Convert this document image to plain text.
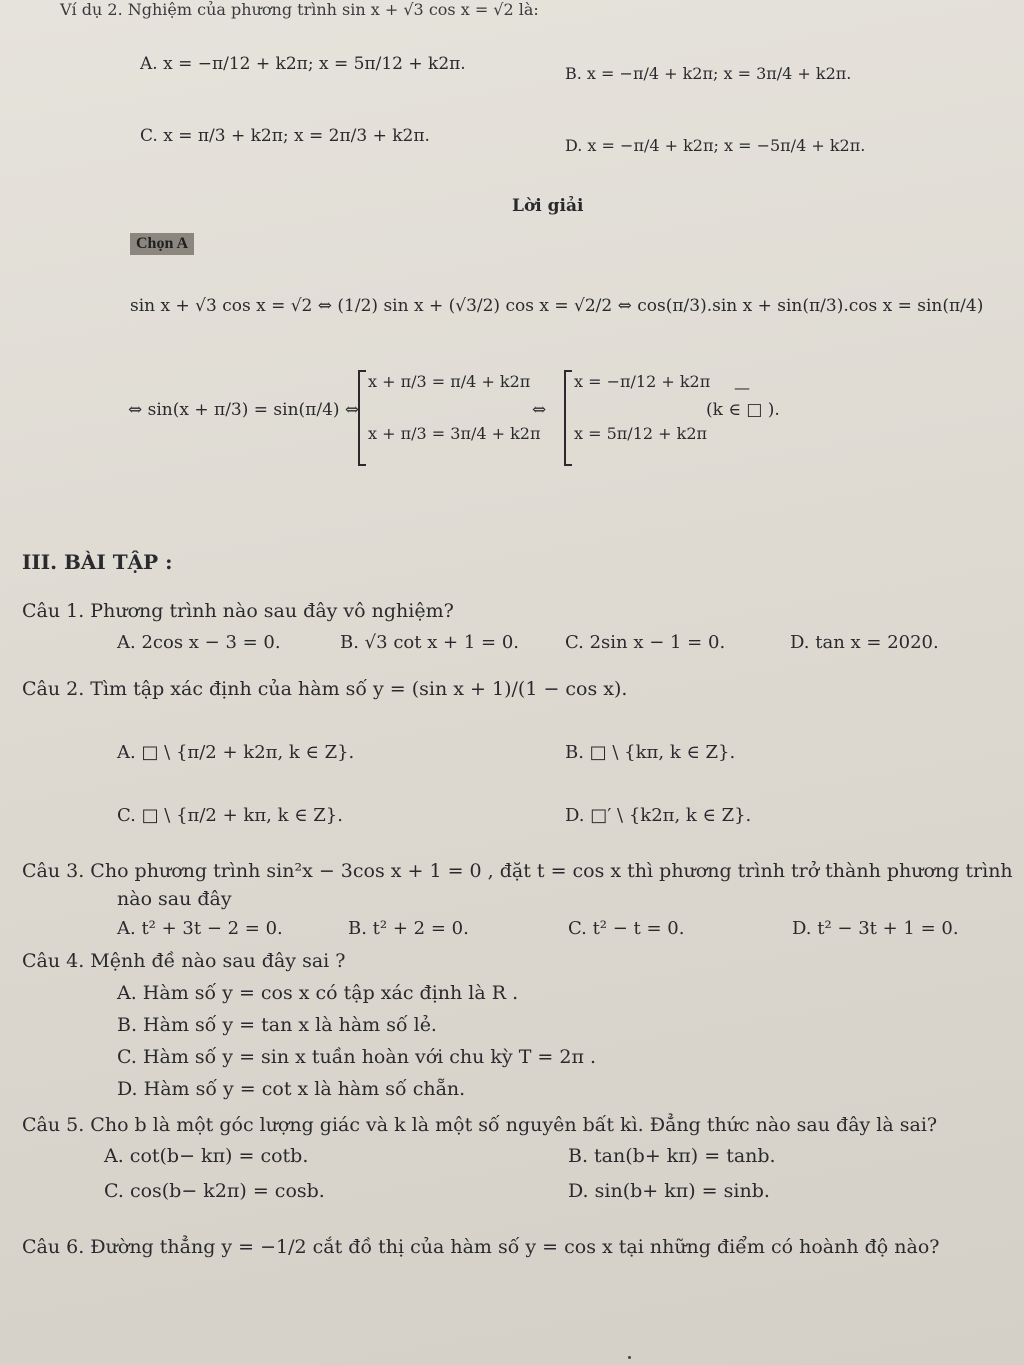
Ví dụ 2. Nghiệm của phương trình sin x + √3 cos x = √2 là:
A. x = −π/12 + k2π; x = 5π/12 + k2π.	B. x = −π/4 + k2π; x = 3π/4 + k2π.
C. x = π/3 + k2π; x = 2π/3 + k2π.	D. x = −π/4 + k2π; x = −5π/4 + k2π.
Lời giải
Chọn A
sin x + √3 cos x = √2 ⇔ (1/2) sin x + (√3/2) cos x = √2/2 ⇔ cos(π/3).sin x + sin(π/3).cos x = sin(π/4)
⇔ sin(x + π/3) = sin(π/4) ⇔
x + π/3 = π/4 + k2π
x + π/3 = 3π/4 + k2π
⇔
x = −π/12 + k2π
x = 5π/12 + k2π
—
(k ∈ □ ).
III. BÀI TẬP :
Câu 1. Phương trình nào sau đây vô nghiệm?
A. 2cos x − 3 = 0.	B. √3 cot x + 1 = 0.	C. 2sin x − 1 = 0.	D. tan x = 2020.
Câu 2. Tìm tập xác định của hàm số y = (sin x + 1)/(1 − cos x).
A. □ \ {π/2 + k2π, k ∈ Z}.	B. □ \ {kπ, k ∈ Z}.
C. □ \ {π/2 + kπ, k ∈ Z}.	D. □′ \ {k2π, k ∈ Z}.
Câu 3. Cho phương trình sin²x − 3cos x + 1 = 0 , đặt t = cos x thì phương trình trở thành phương trình
nào sau đây
A. t² + 3t − 2 = 0.	B. t² + 2 = 0.	C. t² − t = 0.	D. t² − 3t + 1 = 0.
Câu 4. Mệnh đề nào sau đây sai ?
A. Hàm số y = cos x có tập xác định là R .
B. Hàm số y = tan x là hàm số lẻ.
C. Hàm số y = sin x tuần hoàn với chu kỳ T = 2π .
D. Hàm số y = cot x là hàm số chẵn.
Câu 5. Cho b là một góc lượng giác và k là một số nguyên bất kì. Đẳng thức nào sau đây là sai?
A. cot(b− kπ) = cotb.	B. tan(b+ kπ) = tanb.
C. cos(b− k2π) = cosb.	D. sin(b+ kπ) = sinb.
Câu 6. Đường thẳng y = −1/2 cắt đồ thị của hàm số y = cos x tại những điểm có hoành độ nào?
